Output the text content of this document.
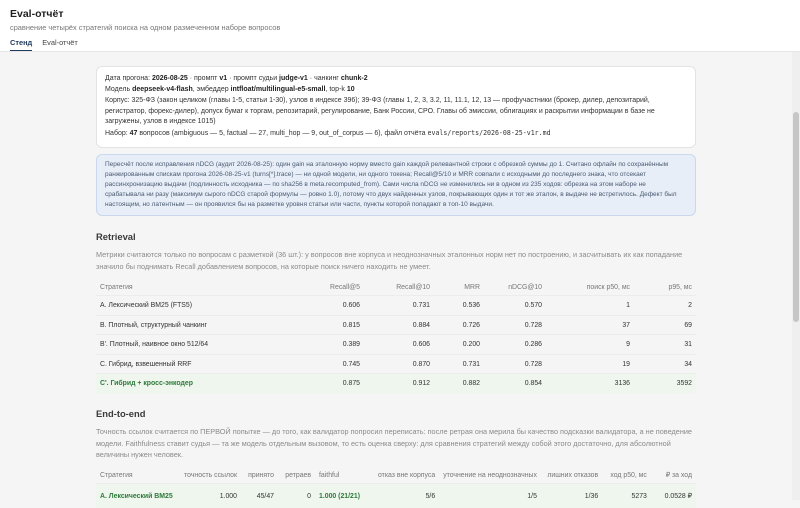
Eval-отчёт
сравнение четырёх стратегий поиска на одном размеченном наборе вопросов
Стенд Eval-отчёт
Дата прогона: 2026-08-25 · промпт v1 · промпт судьи judge-v1 · чанкинг chunk-2
Модель deepseek-v4-flash, эмбеддер intfloat/multilingual-e5-small, top-k 10
Корпус: 325-ФЗ (закон целиком (главы 1-5, статьи 1-30), узлов в индексе 396); 39-ФЗ (главы 1, 2, 3, 3.2, 11, 11.1, 12, 13 — профучастники (брокер, дилер, депозитарий, регистратор, форекс-дилер), допуск бумаг к торгам, репозитарий, регулирование, Банк России, СРО. Главы об эмиссии, облигациях и раскрытии информации в базе не загружены, узлов в индексе 1015)
Набор: 47 вопросов (ambiguous — 5, factual — 27, multi_hop — 9, out_of_corpus — 6), файл отчёта evals/reports/2026-08-25-v1r.md
Пересчёт после исправления nDCG (аудит 2026-08-25): один gain на эталонную норму вместо gain каждой релевантной строки с обрезкой суммы до 1. Считано офлайн по сохранённым ранжированным спискам прогона 2026-08-25-v1 (turns[*].trace) — ни одной модели, ни одного токена; Recall@5/10 и MRR совпали с исходными до последнего знака, что отсекает рассинхронизацию выдачи (подлинность исходника — по sha256 в meta.recomputed_from). Сами числа nDCG не изменились ни в одном из 235 ходов: обрезка на этом наборе не срабатывала ни разу (максимум сырого nDCG старой формулы — ровно 1.0), потому что двух найденных узлов, покрывающих один и тот же эталон, в выдаче не встретилось. Дефект был настоящим, но латентным — он проявился бы на разметке уровня статьи или части, пункты которой попадают в топ-10 выдачи.
Retrieval
Метрики считаются только по вопросам с разметкой (36 шт.): у вопросов вне корпуса и неоднозначных эталонных норм нет по построению, и засчитывать их как попадание значило бы поднимать Recall добавлением вопросов, на которые поиск ничего находить не умеет.
Стратегия	Recall@5	Recall@10	MRR	nDCG@10	поиск p50, мс	p95, мс
A. Лексический BM25 (FTS5)	0.606	0.731	0.536	0.570	1	2
B. Плотный, структурный чанкинг	0.815	0.884	0.726	0.728	37	69
B'. Плотный, наивное окно 512/64	0.389	0.606	0.200	0.286	9	31
C. Гибрид, взвешенный RRF	0.745	0.870	0.731	0.728	19	34
C'. Гибрид + кросс-энкодер	0.875	0.912	0.882	0.854	3136	3592
End-to-end
Точность ссылок считается по ПЕРВОЙ попытке — до того, как валидатор попросил переписать: после ретрая она мерила бы качество подсказки валидатора, а не поведение модели. Faithfulness ставит судья — та же модель отдельным вызовом, то есть оценка сверху: для сравнения стратегий между собой этого достаточно, для абсолютной величины нужен человек.
Стратегия	точность ссылок	принято	ретраев	faithful	отказ вне корпуса	уточнение на неоднозначных	лишних отказов	ход p50, мс	₽ за ход
A. Лексический BM25	1.000	45/47	0	1.000 (21/21)	5/6	1/5	1/36	5273	0.0528 ₽
